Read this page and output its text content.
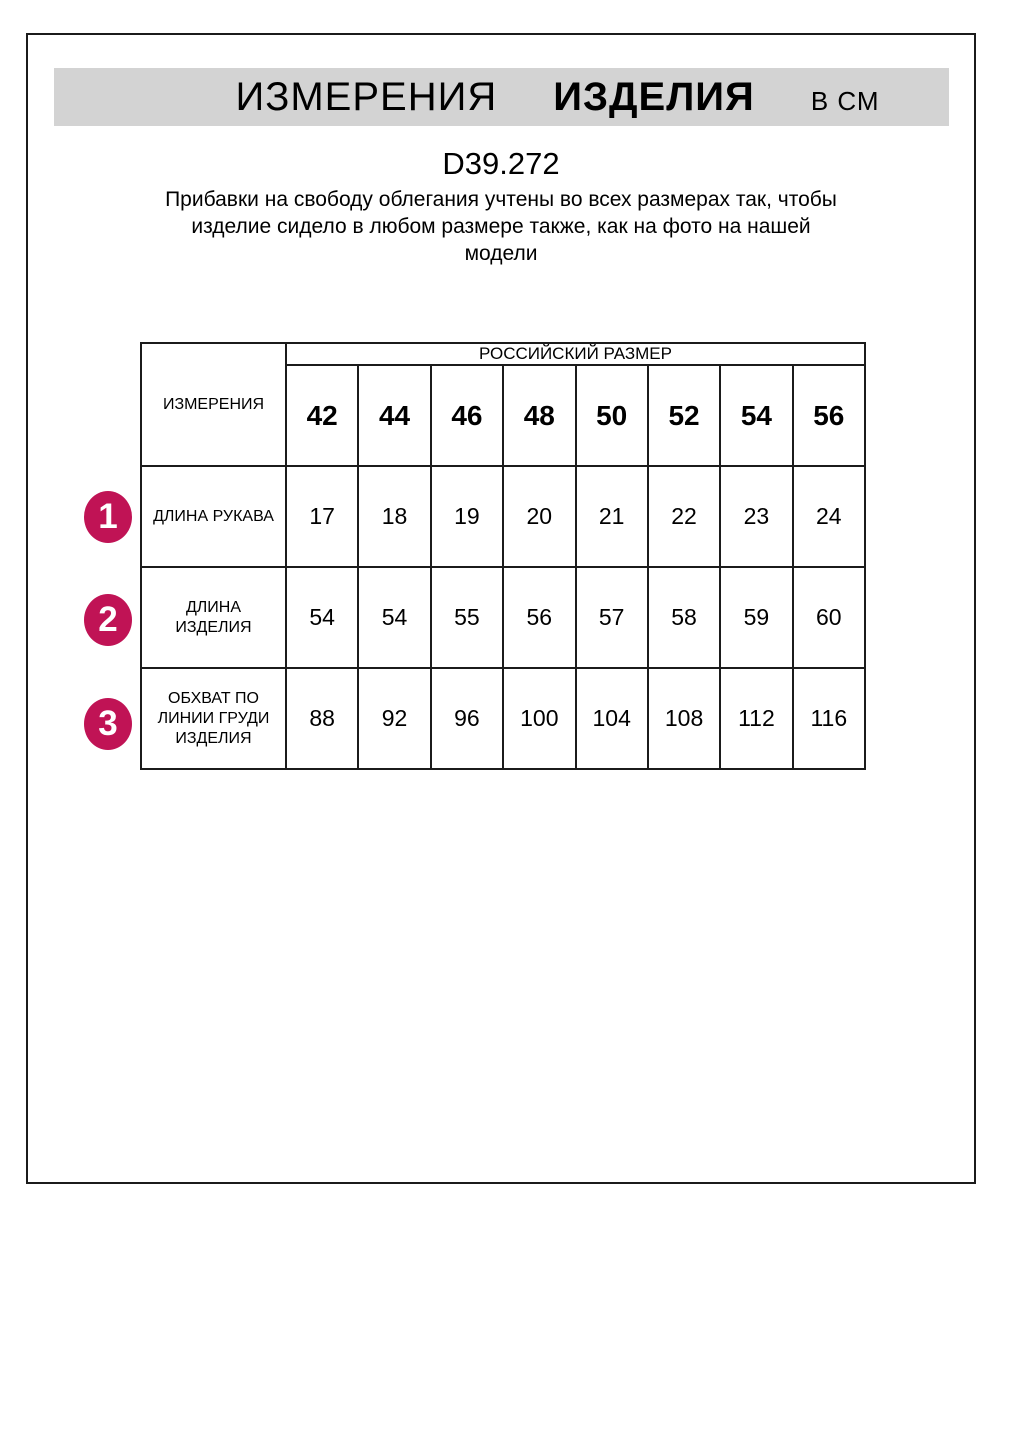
ИЗМЕРЕНИЯ ИЗДЕЛИЯ В СМ
D39.272
Прибавки на свободу облегания учтены во всех размерах так, чтобы
изделие сидело в любом размере также, как на фото на нашей
модели
ИЗМЕРЕНИЯ	РОССИЙСКИЙ РАЗМЕР							
	42	44	46	48	50	52	54	56

ДЛИНА РУКАВА	17	18	19	20	21	22	23	24

ДЛИНА
ИЗДЕЛИЯ	54	54	55	56	57	58	59	60

ОБХВАТ ПО
ЛИНИИ ГРУДИ
ИЗДЕЛИЯ	88	92	96	100	104	108	112	116
1
2
3
